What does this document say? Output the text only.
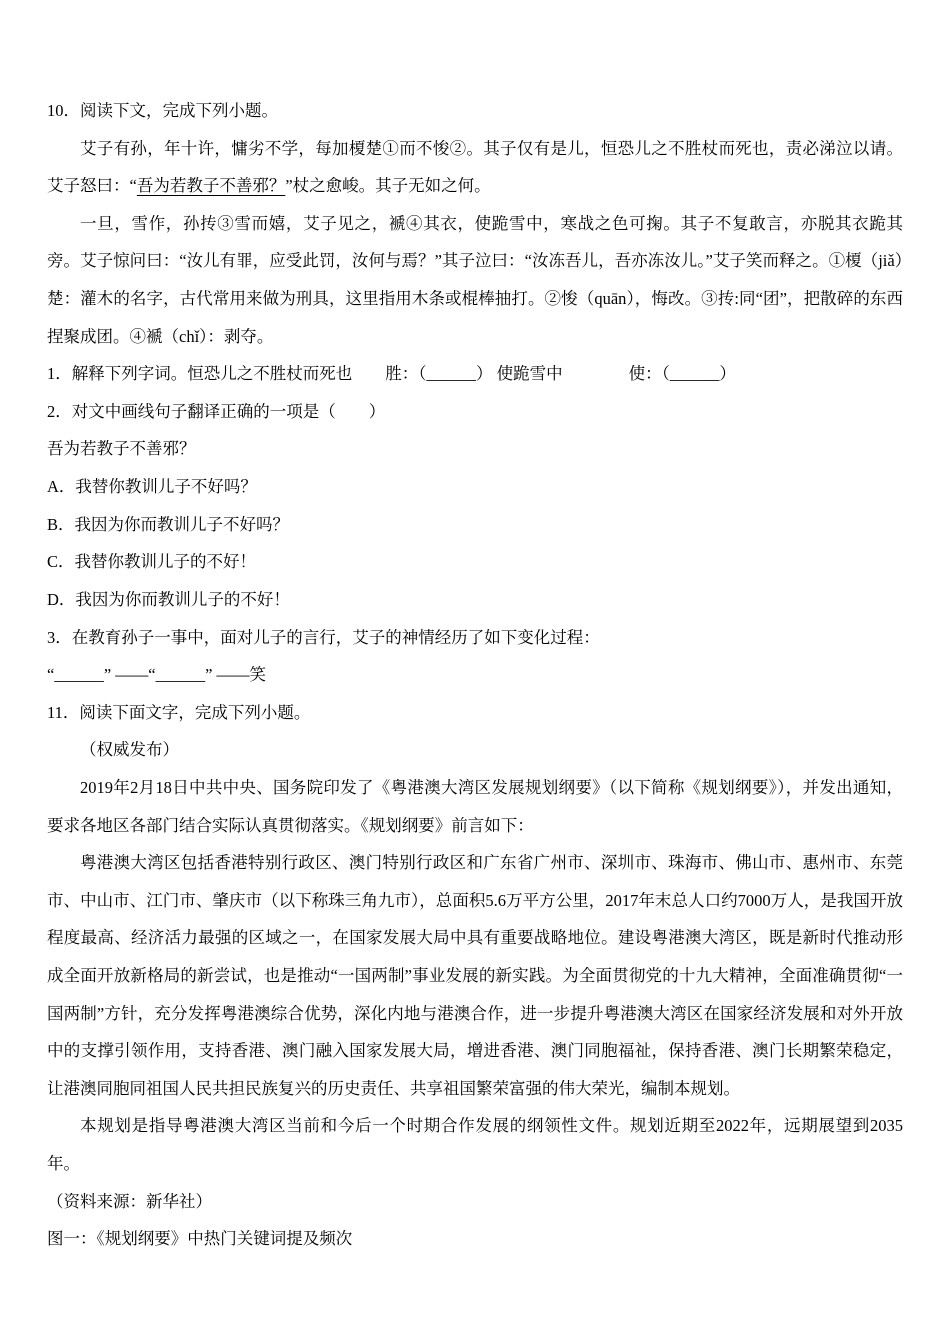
10．阅读下文，完成下列小题。

艾子有孙，年十许，慵劣不学，每加榎楚①而不悛②。其子仅有是儿，恒恐儿之不胜杖而死也，责必涕泣以请。艾子怒曰：“吾为若教子不善邪？”杖之愈峻。其子无如之何。

一旦，雪作，孙抟③雪而嬉，艾子见之，褫④其衣，使跪雪中，寒战之色可掬。其子不复敢言，亦脱其衣跪其旁。艾子惊问曰：“汝儿有罪，应受此罚，汝何与焉？”其子泣曰：“汝冻吾儿，吾亦冻汝儿。”艾子笑而释之。①榎（jiǎ）楚：灌木的名字，古代常用来做为刑具，这里指用木条或棍棒抽打。②悛（quān），悔改。③抟:同“团”，把散碎的东西捏聚成团。④褫（chǐ）：剥夺。

1．解释下列字词。恒恐儿之不胜杖而死也　　胜：（______） 使跪雪中　　　　使：（______）

2．对文中画线句子翻译正确的一项是（　　）

吾为若教子不善邪？

A．我替你教训儿子不好吗？

B．我因为你而教训儿子不好吗？

C．我替你教训儿子的不好！

D．我因为你而教训儿子的不好！

3．在教育孙子一事中，面对儿子的言行，艾子的神情经历了如下变化过程：

“______” ——“______” ——笑

11．阅读下面文字，完成下列小题。

（权威发布）

2019年2月18日中共中央、国务院印发了《粤港澳大湾区发展规划纲要》（以下简称《规划纲要》），并发出通知，要求各地区各部门结合实际认真贯彻落实。《规划纲要》前言如下：

粤港澳大湾区包括香港特别行政区、澳门特别行政区和广东省广州市、深圳市、珠海市、佛山市、惠州市、东莞市、中山市、江门市、肇庆市（以下称珠三角九市），总面积5.6万平方公里，2017年末总人口约7000万人，是我国开放程度最高、经济活力最强的区域之一，在国家发展大局中具有重要战略地位。建设粤港澳大湾区，既是新时代推动形成全面开放新格局的新尝试，也是推动“一国两制”事业发展的新实践。为全面贯彻党的十九大精神，全面准确贯彻“一国两制”方针，充分发挥粤港澳综合优势，深化内地与港澳合作，进一步提升粤港澳大湾区在国家经济发展和对外开放中的支撑引领作用，支持香港、澳门融入国家发展大局，增进香港、澳门同胞福祉，保持香港、澳门长期繁荣稳定，让港澳同胞同祖国人民共担民族复兴的历史责任、共享祖国繁荣富强的伟大荣光，编制本规划。

本规划是指导粤港澳大湾区当前和今后一个时期合作发展的纲领性文件。规划近期至2022年，远期展望到2035年。

（资料来源：新华社）

图一：《规划纲要》中热门关键词提及频次
